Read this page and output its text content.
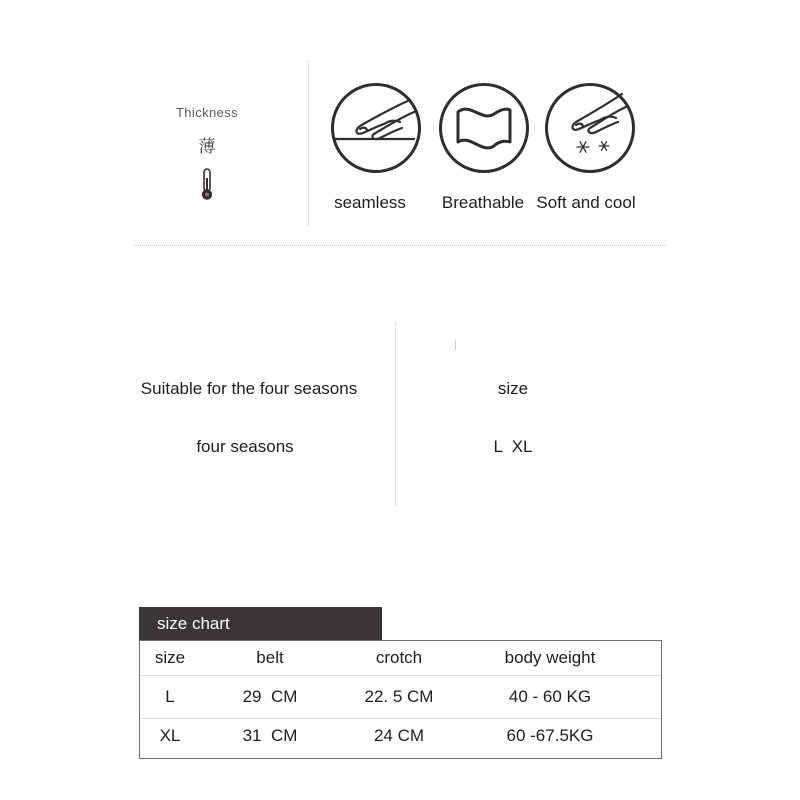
Thickness
薄
seamless	Breathable Soft and cool
Suitable for the four seasons
four seasons
size
L  XL
size chart
size	belt	crotch	body weight
L	29  CM	22. 5 CM	40 - 60 KG
XL	31  CM	24 CM	60 -67.5KG
